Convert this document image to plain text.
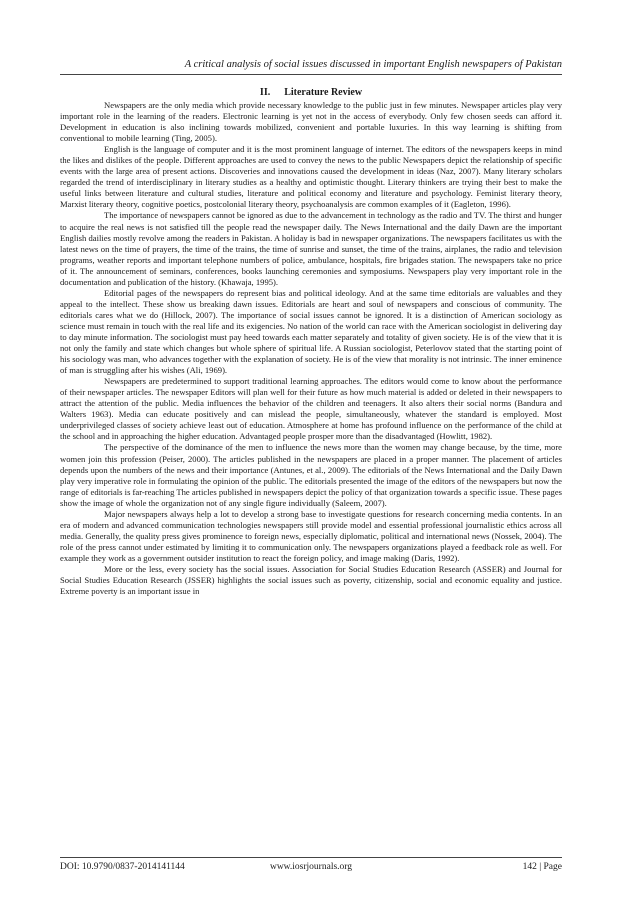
A critical analysis of social issues discussed in important English newspapers of Pakistan
II. Literature Review

Newspapers are the only media which provide necessary knowledge to the public just in few minutes. Newspaper articles play very important role in the learning of the readers. Electronic learning is yet not in the access of everybody. Only few chosen seeds can afford it. Development in education is also inclining towards mobilized, convenient and portable luxuries. In this way learning is shifting from conventional to mobile learning (Ting, 2005).

English is the language of computer and it is the most prominent language of internet. The editors of the newspapers keeps in mind the likes and dislikes of the people. Different approaches are used to convey the news to the public Newspapers depict the relationship of specific events with the large area of present actions. Discoveries and innovations caused the development in ideas (Naz, 2007). Many literary scholars regarded the trend of interdisciplinary in literary studies as a healthy and optimistic thought. Literary thinkers are trying their best to make the useful links between literature and cultural studies, literature and political economy and literature and psychology. Feminist literary theory, Marxist literary theory, cognitive poetics, postcolonial literary theory, psychoanalysis are common examples of it (Eagleton, 1996).

The importance of newspapers cannot be ignored as due to the advancement in technology as the radio and TV. The thirst and hunger to acquire the real news is not satisfied till the people read the newspaper daily. The News International and the daily Dawn are the important English dailies mostly revolve among the readers in Pakistan. A holiday is bad in newspaper organizations. The newspapers facilitates us with the latest news on the time of prayers, the time of the trains, the time of sunrise and sunset, the time of the trains, airplanes, the radio and television programs, weather reports and important telephone numbers of police, ambulance, hospitals, fire brigades station. The newspapers take no price of it. The announcement of seminars, conferences, books launching ceremonies and symposiums. Newspapers play very important role in the documentation and publication of the history. (Khawaja, 1995).

Editorial pages of the newspapers do represent bias and political ideology. And at the same time editorials are valuables and they appeal to the intellect. These show us breaking dawn issues. Editorials are heart and soul of newspapers and conscious of community. The editorials cares what we do (Hillock, 2007). The importance of social issues cannot be ignored. It is a distinction of American sociology as science must remain in touch with the real life and its exigencies. No nation of the world can race with the American sociologist in delivering day to day minute information. The sociologist must pay heed towards each matter separately and totality of given society. He is of the view that it is not only the family and state which changes but whole sphere of spiritual life. A Russian sociologist, Peterlovov stated that the starting point of his sociology was man, who advances together with the explanation of society. He is of the view that morality is not intrinsic. The inner eminence of man is struggling after his wishes (Ali, 1969).

Newspapers are predetermined to support traditional learning approaches. The editors would come to know about the performance of their newspaper articles. The newspaper Editors will plan well for their future as how much material is added or deleted in their newspapers to attract the attention of the public. Media influences the behavior of the children and teenagers. It also alters their social norms (Bandura and Walters 1963). Media can educate positively and can mislead the people, simultaneously, whatever the standard is employed. Most underprivileged classes of society achieve least out of education. Atmosphere at home has profound influence on the performance of the child at the school and in approaching the higher education. Advantaged people prosper more than the disadvantaged (Howlitt, 1982).

The perspective of the dominance of the men to influence the news more than the women may change because, by the time, more women join this profession (Peiser, 2000). The articles published in the newspapers are placed in a proper manner. The placement of articles depends upon the numbers of the news and their importance (Antunes, et al., 2009). The editorials of the News International and the Daily Dawn play very imperative role in formulating the opinion of the public. The editorials presented the image of the editors of the newspapers but now the range of editorials is far-reaching The articles published in newspapers depict the policy of that organization towards a specific issue. These pages show the image of whole the organization not of any single figure individually (Saleem, 2007).

Major newspapers always help a lot to develop a strong base to investigate questions for research concerning media contents. In an era of modern and advanced communication technologies newspapers still provide model and essential professional journalistic ethics across all media. Generally, the quality press gives prominence to foreign news, especially diplomatic, political and international news (Nossek, 2004). The role of the press cannot under estimated by limiting it to communication only. The newspapers organizations played a feedback role as well. For example they work as a government outsider institution to react the foreign policy, and image making (Daris, 1992).

More or the less, every society has the social issues. Association for Social Studies Education Research (ASSER) and Journal for Social Studies Education Research (JSSER) highlights the social issues such as poverty, citizenship, social and economic equality and justice. Extreme poverty is an important issue in

DOI: 10.9790/0837-2014141144	www.iosrjournals.org	142 | Page
